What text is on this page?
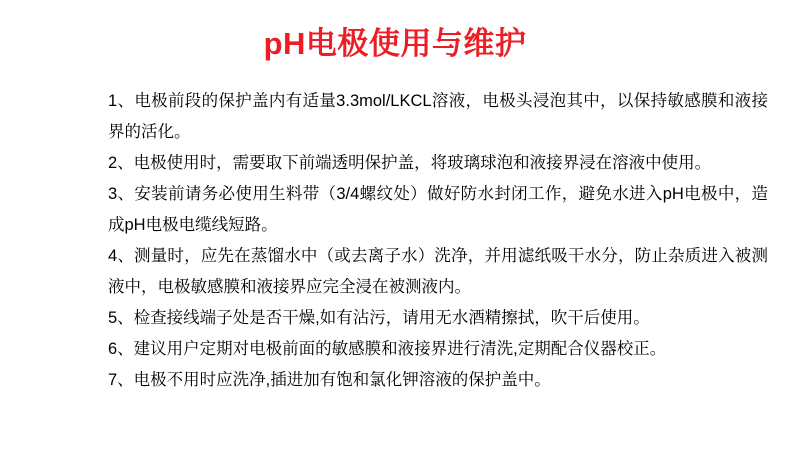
pH电极使用与维护

1、电极前段的保护盖内有适量3.3mol/LKCL溶液，电极头浸泡其中，以保持敏感膜和液接界的活化。

2、电极使用时，需要取下前端透明保护盖，将玻璃球泡和液接界浸在溶液中使用。

3、安装前请务必使用生料带（3/4螺纹处）做好防水封闭工作，避免水进入pH电极中，造成pH电极电缆线短路。

4、测量时，应先在蒸馏水中（或去离子水）洗净，并用滤纸吸干水分，防止杂质进入被测液中，电极敏感膜和液接界应完全浸在被测液内。

5、检查接线端子处是否干燥,如有沾污，请用无水酒精擦拭，吹干后使用。

6、建议用户定期对电极前面的敏感膜和液接界进行清洗,定期配合仪器校正。

7、电极不用时应洗净,插进加有饱和氯化钾溶液的保护盖中。
